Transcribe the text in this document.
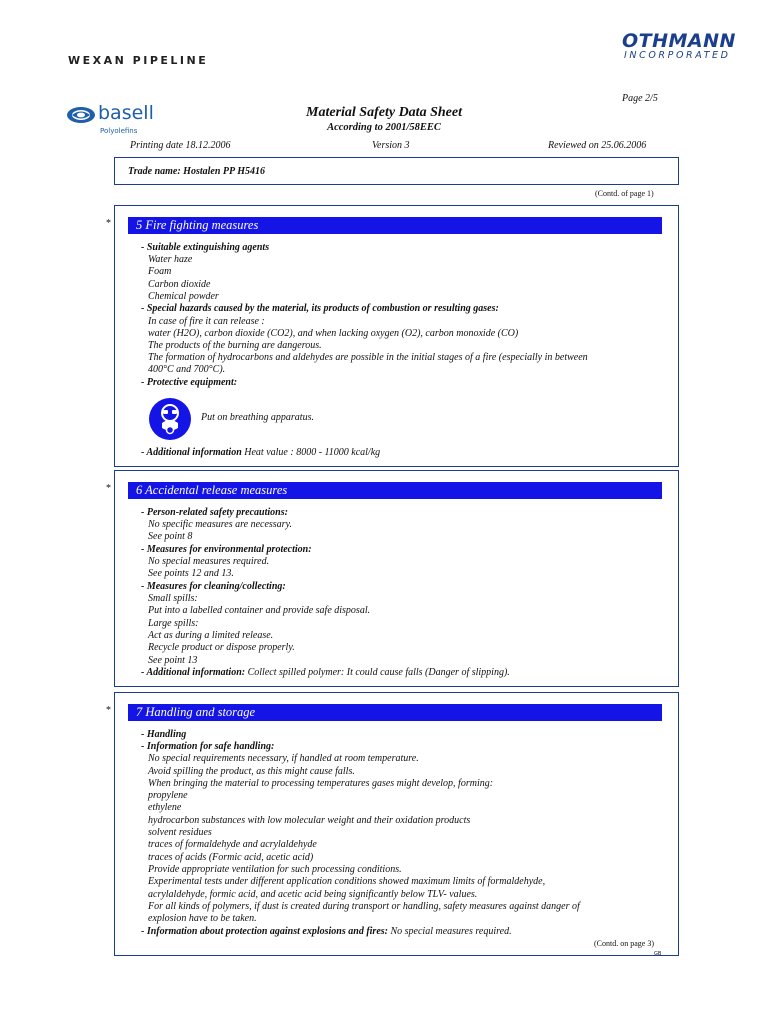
WEXAN PIPELINE
OTHMANN
INCORPORATED
basell
Polyolefins
Page 2/5
Material Safety Data Sheet
According to 2001/58EEC
Printing date 18.12.2006	Version 3	Reviewed on 25.06.2006
Trade name: Hostalen PP H5416
(Contd. of page 1)
*	5 Fire fighting measures
- Suitable extinguishing agents
Water haze
Foam
Carbon dioxide
Chemical powder
- Special hazards caused by the material, its products of combustion or resulting gases:
In case of fire it can release :
water (H2O), carbon dioxide (CO2), and when lacking oxygen (O2), carbon monoxide (CO)
The products of the burning are dangerous.
The formation of hydrocarbons and aldehydes are possible in the initial stages of a fire (especially in between
400°C and 700°C).
- Protective equipment:
Put on breathing apparatus.
- Additional information Heat value : 8000 - 11000 kcal/kg
*	6 Accidental release measures
- Person-related safety precautions:
No specific measures are necessary.
See point 8
- Measures for environmental protection:
No special measures required.
See points 12 and 13.
- Measures for cleaning/collecting:
Small spills:
Put into a labelled container and provide safe disposal.
Large spills:
Act as during a limited release.
Recycle product or dispose properly.
See point 13
- Additional information: Collect spilled polymer: It could cause falls (Danger of slipping).
*	7 Handling and storage
- Handling
- Information for safe handling:
No special requirements necessary, if handled at room temperature.
Avoid spilling the product, as this might cause falls.
When bringing the material to processing temperatures gases might develop, forming:
propylene
ethylene
hydrocarbon substances with low molecular weight and their oxidation products
solvent residues
traces of formaldehyde and acrylaldehyde
traces of acids (Formic acid, acetic acid)
Provide appropriate ventilation for such processing conditions.
Experimental tests under different application conditions showed maximum limits of formaldehyde,
acrylaldehyde, formic acid, and acetic acid being significantly below TLV- values.
For all kinds of polymers, if dust is created during transport or handling, safety measures against danger of
explosion have to be taken.
- Information about protection against explosions and fires: No special measures required.
(Contd. on page 3)
GB
